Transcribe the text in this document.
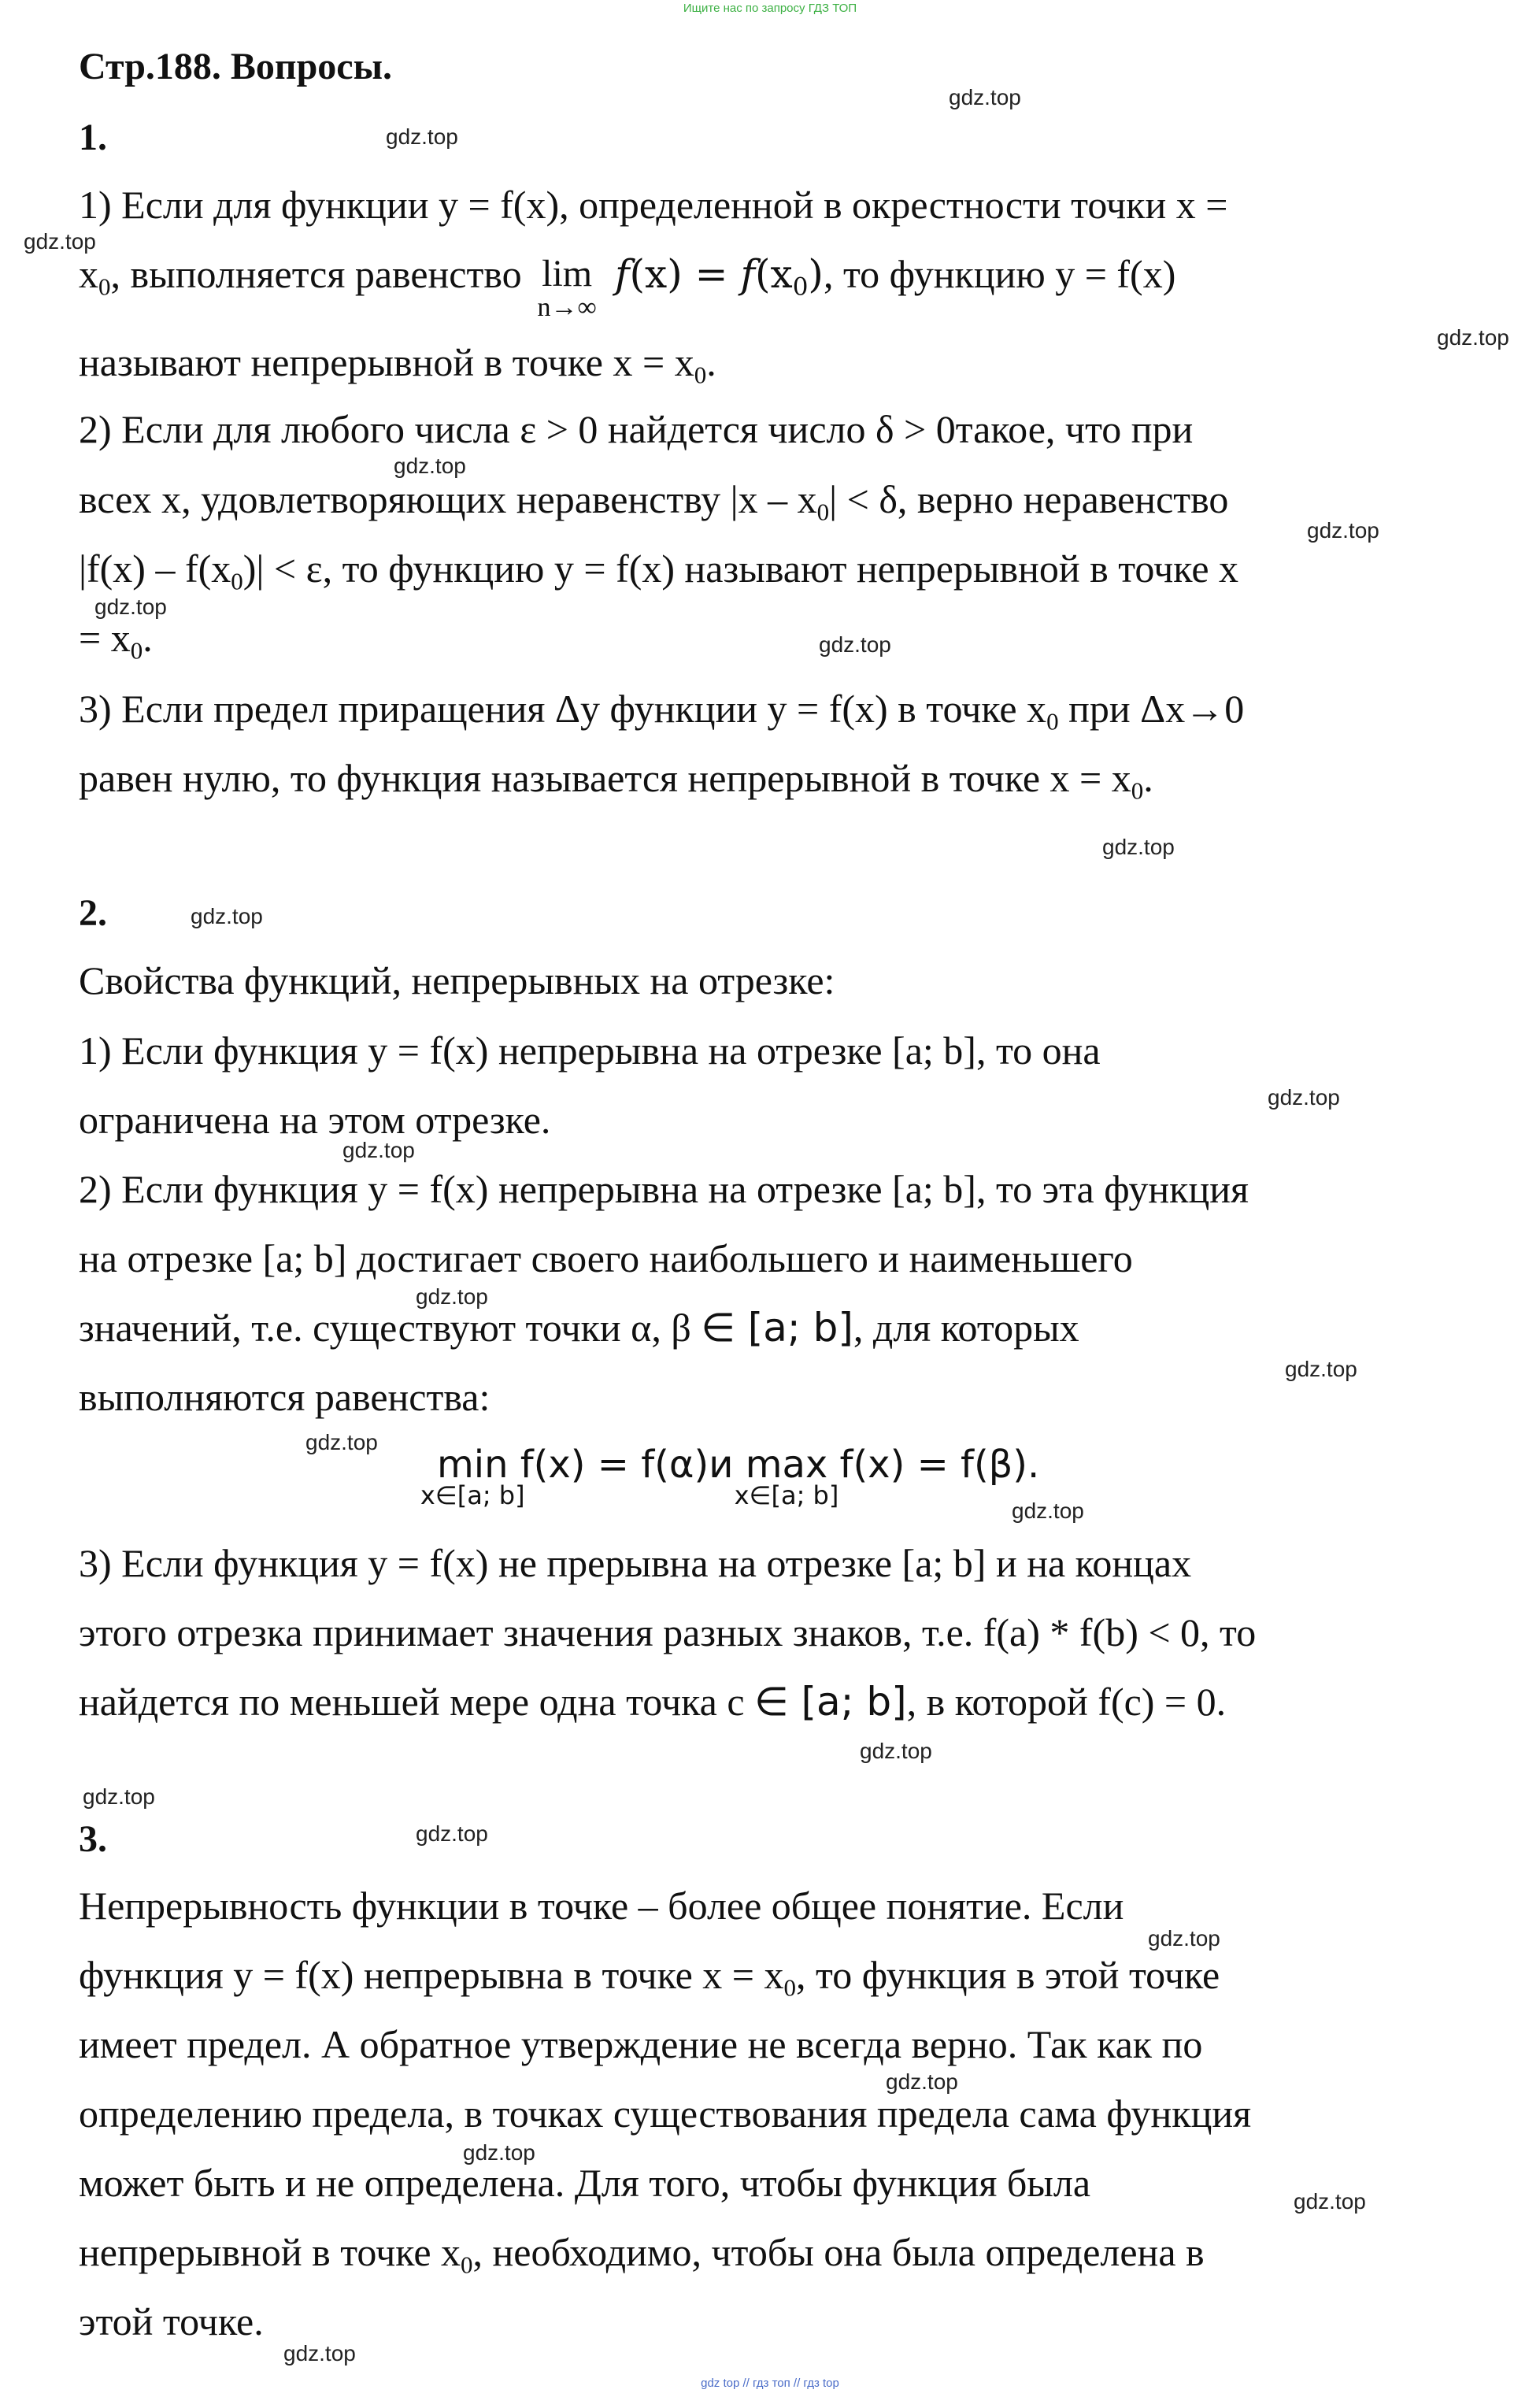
Ищите нас по запросу ГДЗ ТОП
Стр.188. Вопросы.
1.
1) Если для функции y = f(x), определенной в окрестности точки x =
$x_0$, выполняется равенство lim
n→∞
$f(x) = f(x_0)$, то функцию y = f(x)
называют непрерывной в точке $x = x_0$.
2) Если для любого числа ε > 0 найдется число δ > 0такое, что при
всех x, удовлетворяющих неравенству $|x - x_0| < \delta$, верно неравенство
$|f(x) - f(x_0)| < \varepsilon$, то функцию y = f(x) называют непрерывной в точке x
= $x_0$.
3) Если предел приращения Δy функции y = f(x) в точке $x_0$ при Δx→0
равен нулю, то функция называется непрерывной в точке $x = x_0$.
2.
Свойства функций, непрерывных на отрезке:
1) Если функция y = f(x) непрерывна на отрезке [a; b], то она
ограничена на этом отрезке.
2) Если функция y = f(x) непрерывна на отрезке [a; b], то эта функция
на отрезке [a; b] достигает своего наибольшего и наименьшего
значений, т.е. существуют точки α, β ∈ [a; b], для которых
выполняются равенства:
min
x∈[a; b]
f(x) = f(α)и max
x∈[a; b]
f(x) = f(β).
3) Если функция y = f(x) не прерывна на отрезке [a; b] и на концах
этого отрезка принимает значения разных знаков, т.е. f(a) * f(b) < 0, то
найдется по меньшей мере одна точка c ∈ [a; b], в которой f(c) = 0.
3.
Непрерывность функции в точке – более общее понятие. Если
функция y = f(x) непрерывна в точке $x = x_0$, то функция в этой точке
имеет предел. А обратное утверждение не всегда верно. Так как по
определению предела, в точках существования предела сама функция
может быть и не определена. Для того, чтобы функция была
непрерывной в точке $x_0$, необходимо, чтобы она была определена в
этой точке.
gdz.top
gdz.top
gdz.top
gdz.top
gdz.top
gdz.top
gdz.top
gdz.top
gdz.top
gdz.top
gdz.top
gdz.top
gdz.top
gdz.top
gdz.top
gdz.top
gdz.top
gdz.top
gdz.top
gdz.top
gdz.top
gdz.top
gdz.top
gdz.top
gdz top // гдз топ // гдз top
